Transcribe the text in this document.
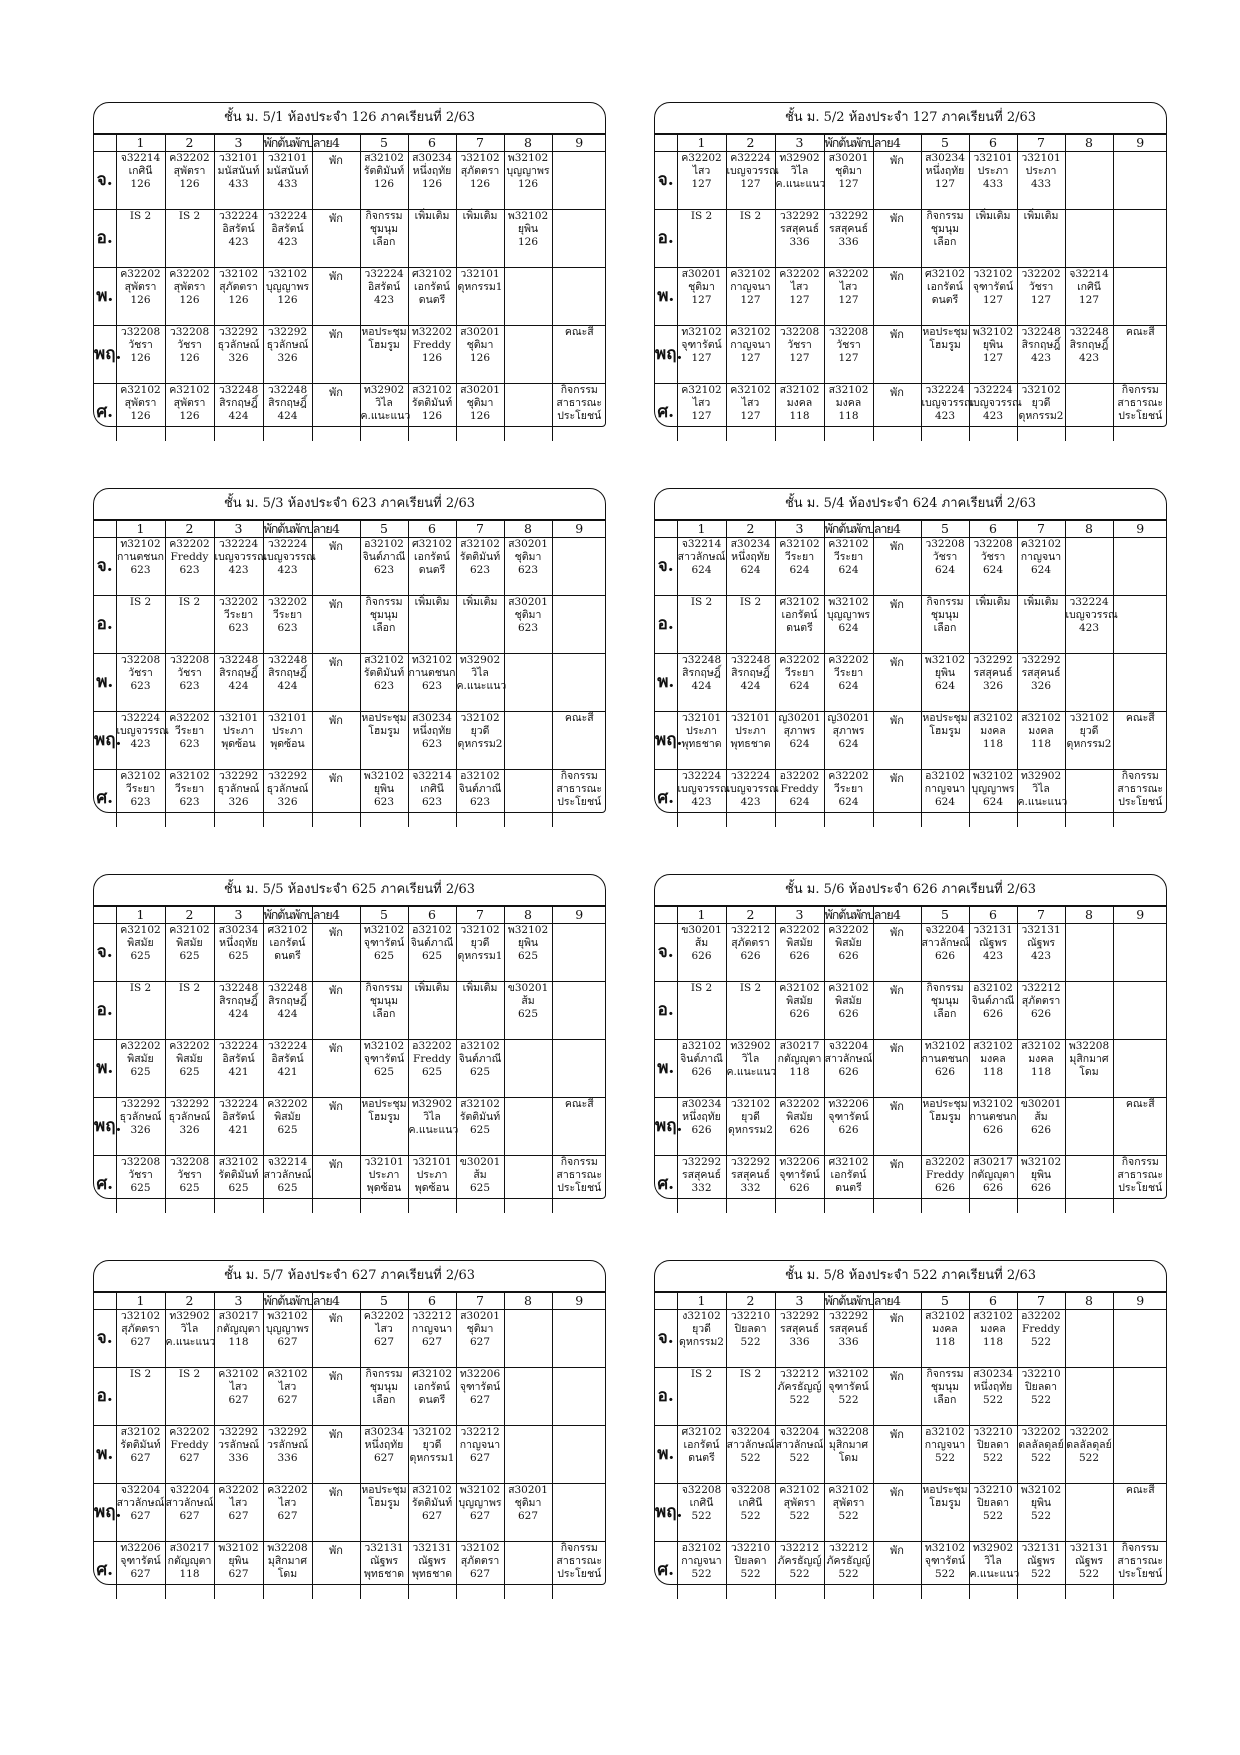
ชั้น ม. 5/1 ห้องประจำ 126 ภาคเรียนที่ 2/63
	1	2	3	พักต้นพักปลาย	4	5	6	7	8	9
จ.	จ32214
เกศินี
126	ค32202
สุพัตรา
126	ว32101
มนัสนันท์
433	ว32101
มนัสนันท์
433	พัก	ส32102
รัตติมันท์
126	ส30234
หนึ่งฤทัย
126	ว32102
สุภัตตรา
126	พ32102
บุญญาพร
126	

อ.	IS 2	IS 2	ว32224
อิสรัตน์
423	ว32224
อิสรัตน์
423	พัก	กิจกรรม
ชุมนุม
เลือก	เพิ่มเติม	เพิ่มเติม	พ32102
ยุพิน
126	

พ.	ค32202
สุพัตรา
126	ค32202
สุพัตรา
126	ว32102
สุภัตตรา
126	ว32102
บุญญาพร
126	พัก	ว32224
อิสรัตน์
423	ศ32102
เอกรัตน์
ดนตรี	ว32101
ดุหกรรม1		

พฤ.	ว32208
วัชรา
126	ว32208
วัชรา
126	ว32292
ธุวลักษณ์
326	ว32292
ธุวลักษณ์
326	พัก	หอประชุม
โฮมรูม	ท32202
Freddy
126	ส30201
ชุติมา
126		คณะสี

ศ.	ค32102
สุพัตรา
126	ค32102
สุพัตรา
126	ว32248
สิรกฤษฎิ์
424	ว32248
สิรกฤษฎิ์
424	พัก	ท32902
วิไล
ค.แนะแนว	ส32102
รัตติมันท์
126	ส30201
ชุติมา
126		กิจกรรม
สาธารณะ
ประโยชน์
ชั้น ม. 5/2 ห้องประจำ 127 ภาคเรียนที่ 2/63
	1	2	3	พักต้นพักปลาย	4	5	6	7	8	9
จ.	ค32202
ไสว
127	ค32224
เบญจวรรณ
127	ท32902
วิไล
ค.แนะแนว	ส30201
ชุติมา
127	พัก	ส30234
หนึ่งฤทัย
127	ว32101
ประภา
433	ว32101
ประภา
433		

อ.	IS 2	IS 2	ว32292
รสสุคนธ์
336	ว32292
รสสุคนธ์
336	พัก	กิจกรรม
ชุมนุม
เลือก	เพิ่มเติม	เพิ่มเติม		

พ.	ส30201
ชุติมา
127	ค32102
กาญจนา
127	ค32202
ไสว
127	ค32202
ไสว
127	พัก	ศ32102
เอกรัตน์
ดนตรี	ว32102
จุฑารัตน์
127	ว32202
วัชรา
127	จ32214
เกศินี
127	

พฤ.	ท32102
จุฑารัตน์
127	ค32102
กาญจนา
127	ว32208
วัชรา
127	ว32208
วัชรา
127	พัก	หอประชุม
โฮมรูม	พ32102
ยุพิน
127	ว32248
สิรกฤษฎิ์
423	ว32248
สิรกฤษฎิ์
423	คณะสี

ศ.	ค32102
ไสว
127	ค32102
ไสว
127	ส32102
มงคล
118	ส32102
มงคล
118	พัก	ว32224
เบญจวรรณ
423	ว32224
เบญจวรรณ
423	ว32102
ยุวดี
ดุหกรรม2		กิจกรรม
สาธารณะ
ประโยชน์
ชั้น ม. 5/3 ห้องประจำ 623 ภาคเรียนที่ 2/63
	1	2	3	พักต้นพักปลาย	4	5	6	7	8	9
จ.	ท32102
กานตชนก
623	ค32202
Freddy
623	ว32224
เบญจวรรณ
423	ว32224
เบญจวรรณ
423	พัก	อ32102
จินต์ภาณี
623	ศ32102
เอกรัตน์
ดนตรี	ส32102
รัตติมันท์
623	ส30201
ชุติมา
623	

อ.	IS 2	IS 2	ว32202
วีระยา
623	ว32202
วีระยา
623	พัก	กิจกรรม
ชุมนุม
เลือก	เพิ่มเติม	เพิ่มเติม	ส30201
ชุติมา
623	

พ.	ว32208
วัชรา
623	ว32208
วัชรา
623	ว32248
สิรกฤษฎิ์
424	ว32248
สิรกฤษฎิ์
424	พัก	ส32102
รัตติมันท์
623	ท32102
กานตชนก
623	ท32902
วิไล
ค.แนะแนว		

พฤ.	ว32224
เบญจวรรณ
423	ค32202
วีระยา
623	ว32101
ประภา
พุดซ้อน	ว32101
ประภา
พุดซ้อน	พัก	หอประชุม
โฮมรูม	ส30234
หนึ่งฤทัย
623	ว32102
ยุวดี
ดุหกรรม2		คณะสี

ศ.	ค32102
วีระยา
623	ค32102
วีระยา
623	ว32292
ธุวลักษณ์
326	ว32292
ธุวลักษณ์
326	พัก	พ32102
ยุพิน
623	จ32214
เกศินี
623	อ32102
จินต์ภาณี
623		กิจกรรม
สาธารณะ
ประโยชน์
ชั้น ม. 5/4 ห้องประจำ 624 ภาคเรียนที่ 2/63
	1	2	3	พักต้นพักปลาย	4	5	6	7	8	9
จ.	จ32214
สาวลักษณ์
624	ส30234
หนึ่งฤทัย
624	ค32102
วีระยา
624	ค32102
วีระยา
624	พัก	ว32208
วัชรา
624	ว32208
วัชรา
624	ค32102
กาญจนา
624		

อ.	IS 2	IS 2	ศ32102
เอกรัตน์
ดนตรี	พ32102
บุญญาพร
624	พัก	กิจกรรม
ชุมนุม
เลือก	เพิ่มเติม	เพิ่มเติม	ว32224
เบญจวรรณ
423	

พ.	ว32248
สิรกฤษฎิ์
424	ว32248
สิรกฤษฎิ์
424	ค32202
วีระยา
624	ค32202
วีระยา
624	พัก	พ32102
ยุพิน
624	ว32292
รสสุคนธ์
326	ว32292
รสสุคนธ์
326		

พฤ.	ว32101
ประภา
พุทธชาด	ว32101
ประภา
พุทธชาด	ญ30201
สุภาพร
624	ญ30201
สุภาพร
624	พัก	หอประชุม
โฮมรูม	ส32102
มงคล
118	ส32102
มงคล
118	ว32102
ยุวดี
ดุหกรรม2	คณะสี

ศ.	ว32224
เบญจวรรณ
423	ว32224
เบญจวรรณ
423	อ32202
Freddy
624	ค32202
วีระยา
624	พัก	อ32102
กาญจนา
624	พ32102
บุญญาพร
624	ท32902
วิไล
ค.แนะแนว		กิจกรรม
สาธารณะ
ประโยชน์
ชั้น ม. 5/5 ห้องประจำ 625 ภาคเรียนที่ 2/63
	1	2	3	พักต้นพักปลาย	4	5	6	7	8	9
จ.	ค32102
พิสมัย
625	ค32102
พิสมัย
625	ส30234
หนึ่งฤทัย
625	ศ32102
เอกรัตน์
ดนตรี	พัก	ท32102
จุฑารัตน์
625	อ32102
จินต์ภาณี
625	ว32102
ยุวดี
ดุหกรรม1	พ32102
ยุพิน
625	

อ.	IS 2	IS 2	ว32248
สิรกฤษฎิ์
424	ว32248
สิรกฤษฎิ์
424	พัก	กิจกรรม
ชุมนุม
เลือก	เพิ่มเติม	เพิ่มเติม	ข30201
ส้ม
625	

พ.	ค32202
พิสมัย
625	ค32202
พิสมัย
625	ว32224
อิสรัตน์
421	ว32224
อิสรัตน์
421	พัก	ท32102
จุฑารัตน์
625	อ32202
Freddy
625	อ32102
จินต์ภาณี
625		

พฤ.	ว32292
ธุวลักษณ์
326	ว32292
ธุวลักษณ์
326	ว32224
อิสรัตน์
421	ค32202
พิสมัย
625	พัก	หอประชุม
โฮมรูม	ท32902
วิไล
ค.แนะแนว	ส32102
รัตติมันท์
625		คณะสี

ศ.	ว32208
วัชรา
625	ว32208
วัชรา
625	ส32102
รัตติมันท์
625	จ32214
สาวลักษณ์
625	พัก	ว32101
ประภา
พุดซ้อน	ว32101
ประภา
พุดซ้อน	ข30201
ส้ม
625		กิจกรรม
สาธารณะ
ประโยชน์
ชั้น ม. 5/6 ห้องประจำ 626 ภาคเรียนที่ 2/63
	1	2	3	พักต้นพักปลาย	4	5	6	7	8	9
จ.	ข30201
ส้ม
626	ว32212
สุภัตตรา
626	ค32202
พิสมัย
626	ค32202
พิสมัย
626	พัก	จ32204
สาวลักษณ์
626	ว32131
ณัฐพร
423	ว32131
ณัฐพร
423		

อ.	IS 2	IS 2	ค32102
พิสมัย
626	ค32102
พิสมัย
626	พัก	กิจกรรม
ชุมนุม
เลือก	อ32102
จินต์ภาณี
626	ว32212
สุภัตตรา
626		

พ.	อ32102
จินต์ภาณี
626	ท32902
วิไล
ค.แนะแนว	ส30217
กตัญญุตา
118	จ32204
สาวลักษณ์
626	พัก	ท32102
กานตชนก
626	ส32102
มงคล
118	ส32102
มงคล
118	พ32208
มุสิกมาศ
โดม	

พฤ.	ส30234
หนึ่งฤทัย
626	ว32102
ยุวดี
ดุหกรรม2	ค32202
พิสมัย
626	ท32206
จุฑารัตน์
626	พัก	หอประชุม
โฮมรูม	ท32102
กานตชนก
626	ข30201
ส้ม
626		คณะสี

ศ.	ว32292
รสสุคนธ์
332	ว32292
รสสุคนธ์
332	ท32206
จุฑารัตน์
626	ศ32102
เอกรัตน์
ดนตรี	พัก	อ32202
Freddy
626	ส30217
กตัญญุตา
626	พ32102
ยุพิน
626		กิจกรรม
สาธารณะ
ประโยชน์
ชั้น ม. 5/7 ห้องประจำ 627 ภาคเรียนที่ 2/63
	1	2	3	พักต้นพักปลาย	4	5	6	7	8	9
จ.	ว32102
สุภัตตรา
627	ท32902
วิไล
ค.แนะแนว	ส30217
กตัญญุตา
118	พ32102
บุญญาพร
627	พัก	ค32202
ไสว
627	ว32212
กาญจนา
627	ส30201
ชุติมา
627		

อ.	IS 2	IS 2	ค32102
ไสว
627	ค32102
ไสว
627	พัก	กิจกรรม
ชุมนุม
เลือก	ศ32102
เอกรัตน์
ดนตรี	ท32206
จุฑารัตน์
627		

พ.	ส32102
รัตติมันท์
627	ค32202
Freddy
627	ว32292
วรลักษณ์
336	ว32292
วรลักษณ์
336	พัก	ส30234
หนึ่งฤทัย
627	ว32102
ยุวดี
ดุหกรรม1	ว32212
กาญจนา
627		

พฤ.	จ32204
สาวลักษณ์
627	จ32204
สาวลักษณ์
627	ค32202
ไสว
627	ค32202
ไสว
627	พัก	หอประชุม
โฮมรูม	ส32102
รัตติมันท์
627	พ32102
บุญญาพร
627	ส30201
ชุติมา
627	

ศ.	ท32206
จุฑารัตน์
627	ส30217
กตัญญุตา
118	พ32102
ยุพิน
627	พ32208
มุสิกมาศ
โดม	พัก	ว32131
ณัฐพร
พุทธชาด	ว32131
ณัฐพร
พุทธชาด	ว32102
สุภัตตรา
627		กิจกรรม
สาธารณะ
ประโยชน์
ชั้น ม. 5/8 ห้องประจำ 522 ภาคเรียนที่ 2/63
	1	2	3	พักต้นพักปลาย	4	5	6	7	8	9
จ.	ง32102
ยุวดี
ดุหกรรม2	ว32210
ปิยลดา
522	ว32292
รสสุคนธ์
336	ว32292
รสสุคนธ์
336	พัก	ส32102
มงคล
118	ส32102
มงคล
118	อ32202
Freddy
522		

อ.	IS 2	IS 2	ว32212
ภัครธัญญ์
522	ท32102
จุฑารัตน์
522	พัก	กิจกรรม
ชุมนุม
เลือก	ส30234
หนึ่งฤทัย
522	ว32210
ปิยลดา
522		

พ.	ศ32102
เอกรัตน์
ดนตรี	จ32204
สาวลักษณ์
522	จ32204
สาวลักษณ์
522	พ32208
มุสิกมาศ
โดม	พัก	อ32102
กาญจนา
522	ว32210
ปิยลดา
522	ว32202
ดลลัลดุลย์
522	ว32202
ดลลัลดุลย์
522	

พฤ.	จ32208
เกศินี
522	จ32208
เกศินี
522	ค32102
สุพัตรา
522	ค32102
สุพัตรา
522	พัก	หอประชุม
โฮมรูม	ว32210
ปิยลดา
522	พ32102
ยุพิน
522		คณะสี

ศ.	อ32102
กาญจนา
522	ว32210
ปิยลดา
522	ว32212
ภัครธัญญ์
522	ว32212
ภัครธัญญ์
522	พัก	ท32102
จุฑารัตน์
522	ท32902
วิไล
ค.แนะแนว	ว32131
ณัฐพร
522	ว32131
ณัฐพร
522	กิจกรรม
สาธารณะ
ประโยชน์
